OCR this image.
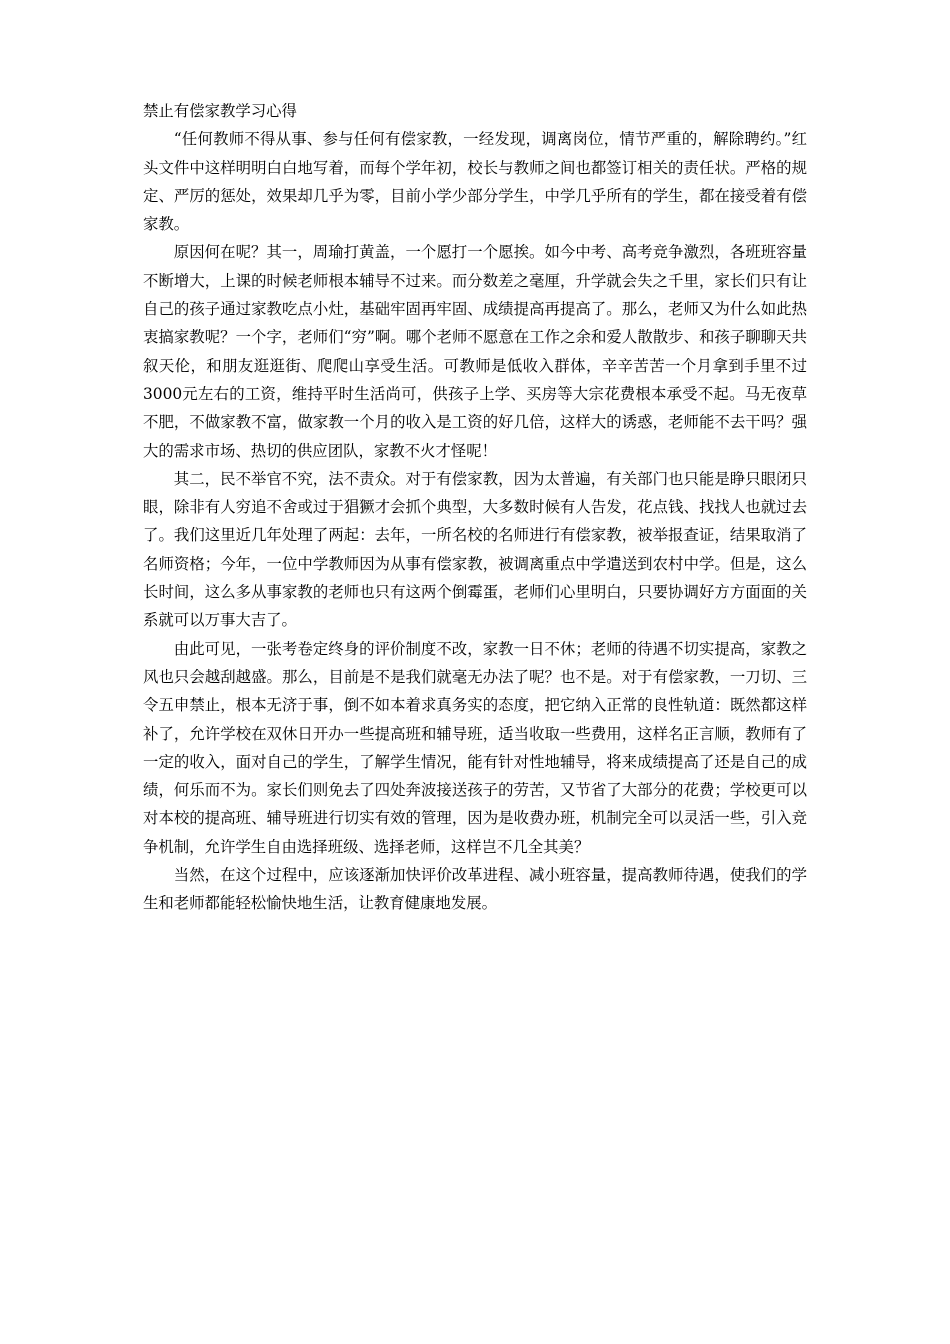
禁止有偿家教学习心得

“任何教师不得从事、参与任何有偿家教，一经发现，调离岗位，情节严重的，解除聘约。”红头文件中这样明明白白地写着，而每个学年初，校长与教师之间也都签订相关的责任状。严格的规定、严厉的惩处，效果却几乎为零，目前小学少部分学生，中学几乎所有的学生，都在接受着有偿家教。

原因何在呢？其一，周瑜打黄盖，一个愿打一个愿挨。如今中考、高考竞争激烈，各班班容量不断增大，上课的时候老师根本辅导不过来。而分数差之毫厘，升学就会失之千里，家长们只有让自己的孩子通过家教吃点小灶，基础牢固再牢固、成绩提高再提高了。那么，老师又为什么如此热衷搞家教呢？一个字，老师们“穷”啊。哪个老师不愿意在工作之余和爱人散散步、和孩子聊聊天共叙天伦，和朋友逛逛街、爬爬山享受生活。可教师是低收入群体，辛辛苦苦一个月拿到手里不过3000元左右的工资，维持平时生活尚可，供孩子上学、买房等大宗花费根本承受不起。马无夜草不肥，不做家教不富，做家教一个月的收入是工资的好几倍，这样大的诱惑，老师能不去干吗？强大的需求市场、热切的供应团队，家教不火才怪呢！

其二，民不举官不究，法不责众。对于有偿家教，因为太普遍，有关部门也只能是睁只眼闭只眼，除非有人穷追不舍或过于猖獗才会抓个典型，大多数时候有人告发，花点钱、找找人也就过去了。我们这里近几年处理了两起：去年，一所名校的名师进行有偿家教，被举报查证，结果取消了名师资格；今年，一位中学教师因为从事有偿家教，被调离重点中学遣送到农村中学。但是，这么长时间，这么多从事家教的老师也只有这两个倒霉蛋，老师们心里明白，只要协调好方方面面的关系就可以万事大吉了。

由此可见，一张考卷定终身的评价制度不改，家教一日不休；老师的待遇不切实提高，家教之风也只会越刮越盛。那么，目前是不是我们就毫无办法了呢？也不是。对于有偿家教，一刀切、三令五申禁止，根本无济于事，倒不如本着求真务实的态度，把它纳入正常的良性轨道：既然都这样补了，允许学校在双休日开办一些提高班和辅导班，适当收取一些费用，这样名正言顺，教师有了一定的收入，面对自己的学生，了解学生情况，能有针对性地辅导，将来成绩提高了还是自己的成绩，何乐而不为。家长们则免去了四处奔波接送孩子的劳苦，又节省了大部分的花费；学校更可以对本校的提高班、辅导班进行切实有效的管理，因为是收费办班，机制完全可以灵活一些，引入竞争机制，允许学生自由选择班级、选择老师，这样岂不几全其美？

当然，在这个过程中，应该逐渐加快评价改革进程、减小班容量，提高教师待遇，使我们的学生和老师都能轻松愉快地生活，让教育健康地发展。
